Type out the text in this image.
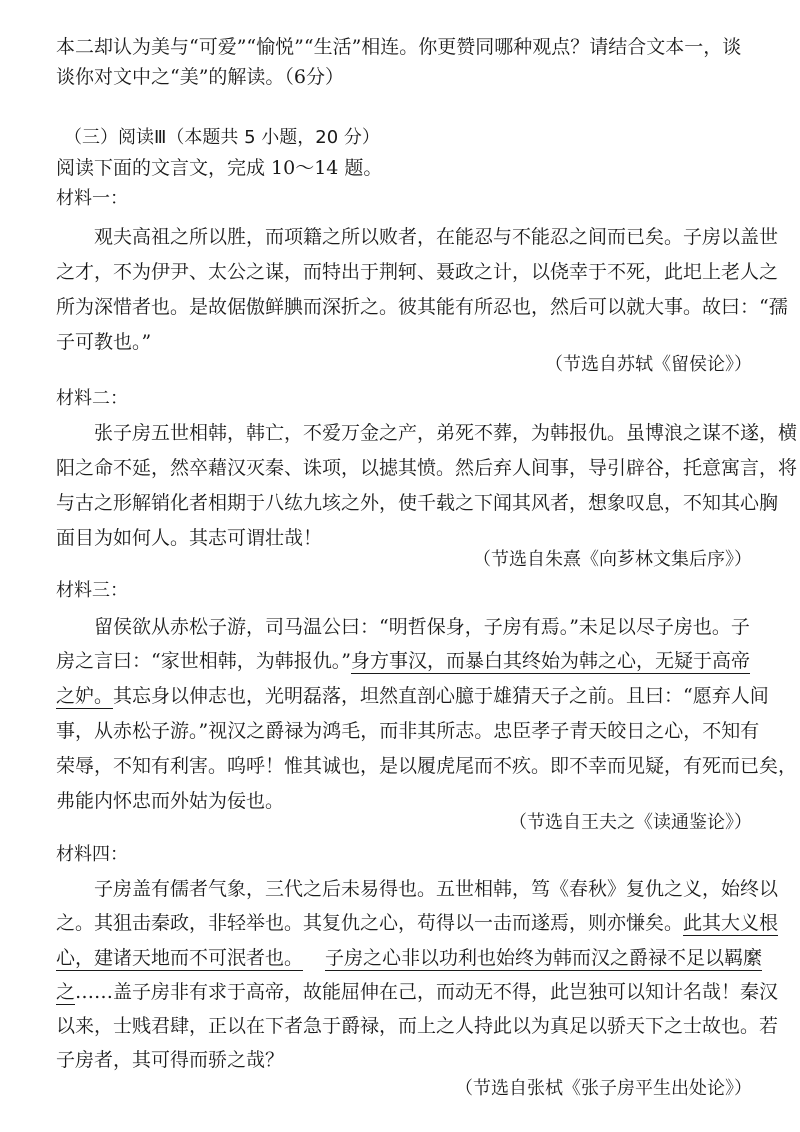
本二却认为美与“可爱”“愉悦”“生活”相连。你更赞同哪种观点？请结合文本一，谈
谈你对文中之“美”的解读。（6分）
（三）阅读Ⅲ（本题共 5 小题，20 分）
阅读下面的文言文，完成 10～14 题。
材料一：
观夫高祖之所以胜，而项籍之所以败者，在能忍与不能忍之间而已矣。子房以盖世
之才，不为伊尹、太公之谋，而特出于荆轲、聂政之计，以侥幸于不死，此圯上老人之
所为深惜者也。是故倨傲鲜腆而深折之。彼其能有所忍也，然后可以就大事。故曰：“孺
子可教也。”
（节选自苏轼《留侯论》）
材料二：
张子房五世相韩，韩亡，不爱万金之产，弟死不葬，为韩报仇。虽博浪之谋不遂，横
阳之命不延，然卒藉汉灭秦、诛项，以摅其愤。然后弃人间事，导引辟谷，托意寓言，将
与古之形解销化者相期于八纮九垓之外，使千载之下闻其风者，想象叹息，不知其心胸
面目为如何人。其志可谓壮哉！
（节选自朱熹《向芗林文集后序》）
材料三：
留侯欲从赤松子游，司马温公曰：“明哲保身，子房有焉。”未足以尽子房也。子
房之言曰：“家世相韩，为韩报仇。”身方事汉，而暴白其终始为韩之心，无疑于高帝
之妒。其忘身以伸志也，光明磊落，坦然直剖心臆于雄猜天子之前。且曰：“愿弃人间
事，从赤松子游。”视汉之爵禄为鸿毛，而非其所志。忠臣孝子青天皎日之心，不知有
荣辱，不知有利害。呜呼！惟其诚也，是以履虎尾而不疚。即不幸而见疑，有死而已矣，
弗能内怀忠而外姑为佞也。
（节选自王夫之《读通鉴论》）
材料四：
子房盖有儒者气象，三代之后未易得也。五世相韩，笃《春秋》复仇之义，始终以
之。其狙击秦政，非轻举也。其复仇之心，苟得以一击而遂焉，则亦慊矣。此其大义根
心，建诸天地而不可泯者也。 子房之心非以功利也始终为韩而汉之爵禄不足以羁縻
之……盖子房非有求于高帝，故能屈伸在己，而动无不得，此岂独可以知计名哉！秦汉
以来，士贱君肆，正以在下者急于爵禄，而上之人持此以为真足以骄天下之士故也。若
子房者，其可得而骄之哉？
（节选自张栻《张子房平生出处论》）
